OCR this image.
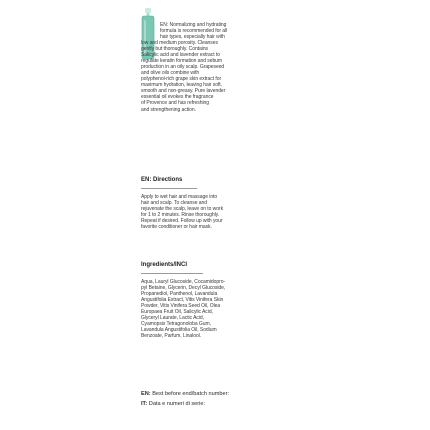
EN: Normalizing and hydrating
formula is recommended for all
hair types, especially hair with
low and medium porosity. Cleanses
gently but thoroughly. Contains
Salicylic acid and lavender extract to
regulate keratin formation and sebum
production in an oily scalp. Grapeseed
and olive oils combine with
polyphenol-rich grape skin extract for
maximum hydration, leaving hair soft,
smooth and non-greasy. Pure lavender
essential oil evokes the fragrance
of Provence and has refreshing
and strengthening action.
EN: Directions
Apply to wet hair and massage into
hair and scalp. To cleanse and
rejuvenate the scalp, leave on to work
for 1 to 2 minutes. Rinse thoroughly.
Repeat if desired. Follow up with your
favorite conditioner or hair mask.
Ingredients/INCI
Aqua, Lauryl Glucoside, Cocamidopro-
pyl Betaine, Glycerin, Decyl Glucoside,
Propanediol, Panthenol, Lavandula
Angustifolia Extract, Vitis Vinifera Skin
Powder, Vitis Vinifera Seed Oil, Olea
Europaea Fruit Oil, Salicylic Acid,
Glyceryl Laurate, Lactic Acid,
Cyamopsis Tetragonoloba Gum,
Lavandula Angustifolia Oil, Sodium
Benzoate, Parfum, Linalool.
EN: Best before end/batch number:
IT: Data e numeri di serie:
